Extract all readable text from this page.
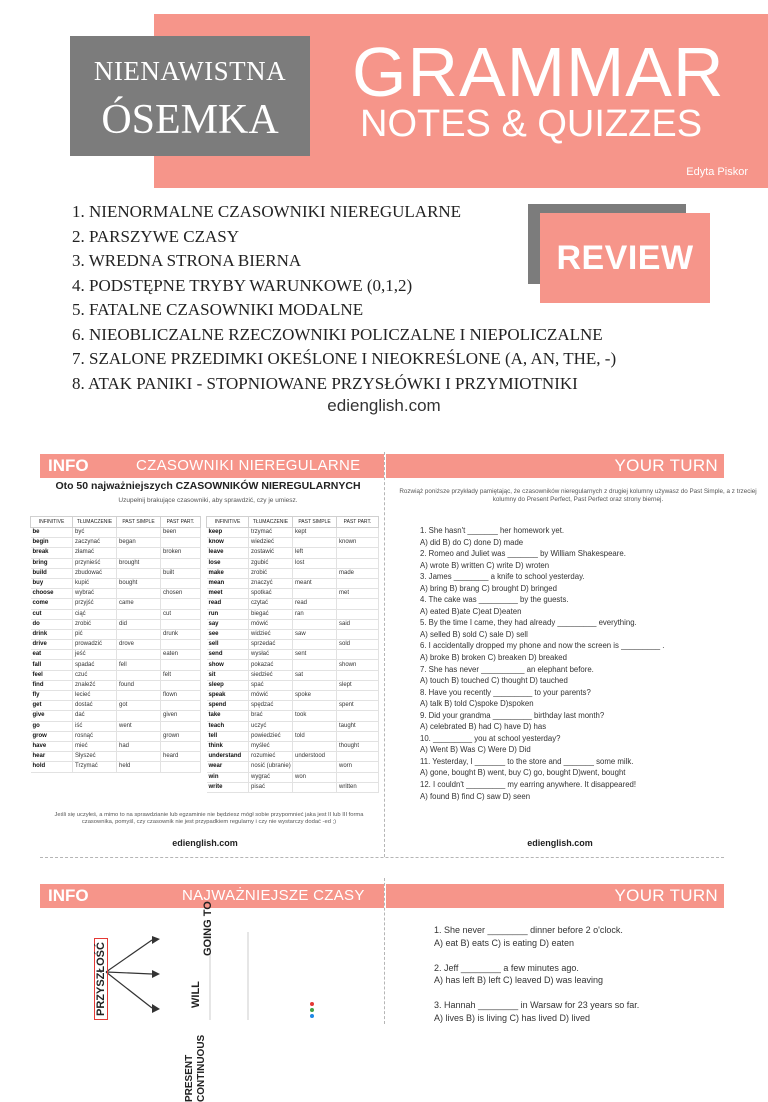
NIENAWISTNA
ÓSEMKA
GRAMMAR
NOTES & QUIZZES
Edyta Piskor
1. NIENORMALNE CZASOWNIKI NIEREGULARNE
2. PARSZYWE CZASY
3. WREDNA STRONA BIERNA
4. PODSTĘPNE TRYBY WARUNKOWE (0,1,2)
5. FATALNE CZASOWNIKI MODALNE
6. NIEOBLICZALNE RZECZOWNIKI POLICZALNE I NIEPOLICZALNE
7. SZALONE PRZEDIMKI OKEŚLONE I NIEOKREŚLONE (A, AN, THE, -)
8. ATAK PANIKI - STOPNIOWANE PRZYSŁÓWKI I PRZYMIOTNIKI
REVIEW
edienglish.com
INFO	CZASOWNIKI NIEREGULARNE
Oto 50 najważniejszych CZASOWNIKÓW NIEREGULARNYCH
Uzupełnij brakujące czasowniki, aby sprawdzić, czy je umiesz.
INFINITIVE	TŁUMACZENIE	PAST SIMPLE	PAST PART.
be	być		been
begin	zaczynać	began	
break	złamać		broken
bring	przynieść	brought	
build	zbudować		built
buy	kupić	bought	
choose	wybrać		chosen
come	przyjść	came	
cut	ciąć		cut
do	zrobić	did	
drink	pić		drunk
drive	prowadzić	drove	
eat	jeść		eaten
fall	spadać	fell	
feel	czuć		felt
find	znaleźć	found	
fly	lecieć		flown
get	dostać	got	
give	dać		given
go	iść	went	
grow	rosnąć		grown
have	mieć	had	
hear	Słyszeć		heard
hold	Trzymać	held	
INFINITIVE	TŁUMACZENIE	PAST SIMPLE	PAST PART.
keep	trzymać	kept	
know	wiedzieć		known
leave	zostawić	left	
lose	zgubić	lost	
make	zrobić		made
mean	znaczyć	meant	
meet	spotkać		met
read	czytać	read	
run	biegać	ran	
say	mówić		said
see	widzieć	saw	
sell	sprzedać		sold
send	wysłać	sent	
show	pokazać		shown
sit	siedzieć	sat	
sleep	spać		slept
speak	mówić	spoke	
spend	spędzać		spent
take	brać	took	
teach	uczyć		taught
tell	powiedzieć	told	
think	myśleć		thought
understand	rozumieć	understood	
wear	nosić (ubranie)		worn
win	wygrać	won	
write	pisać		written
Jeśli się uczyłeś, a mimo to na sprawdzianie lub egzaminie nie będziesz mógł sobie przypomnieć jaka jest II lub III forma czasownika, pomyśl, czy czasownik nie jest przypadkiem regularny i czy nie wystarczy dodać -ed ;)
edienglish.com
YOUR TURN
Rozwiąż poniższe przykłady pamiętając, że czasowników nieregularnych z drugiej kolumny używasz do Past Simple, a z trzeciej kolumny do Present Perfect, Past Perfect oraz strony biernej.
1. She hasn't _______ her homework yet.
A) did B) do C) done D) made
2. Romeo and Juliet was _______ by William Shakespeare.
A) wrote B) written C) write D) wroten
3. James ________ a knife to school yesterday.
A) bring B) brang C) brought D) bringed
4. The cake was _________ by the guests.
A) eated B)ate C)eat D)eaten
5. By the time I came, they had already _________ everything.
A) selled B) sold C) sale D) sell
6. I accidentally dropped my phone and now the screen is _________ .
A) broke B) broken C) breaken D) breaked
7. She has never __________ an elephant before.
A) touch B) touched C) thought D) tauched
8. Have you recently _________ to your parents?
A) talk B) told C)spoke D)spoken
9. Did your grandma _________ birthday last month?
A) celebrated B) had C) have D) has
10. _________ you at school yesterday?
A) Went B) Was C) Were D) Did
11. Yesterday, I _______ to the store and _______ some milk.
A) gone, bought B) went, buy C) go, bought D)went, bought
12. I couldn't _________ my earring anywhere. It disappeared!
A) found B) find C) saw D) seen
edienglish.com
INFO	NAJWAŻNIEJSZE CZASY
PRZYSZŁOŚĆ
GOING TO
WILL
PRESENT CONTINUOUS
YOUR TURN
1. She never ________ dinner before 2 o'clock.
A) eat B) eats C) is eating D) eaten
2. Jeff ________ a few minutes ago.
A) has left B) left C) leaved D) was leaving
3. Hannah ________ in Warsaw for 23 years so far.
A) lives B) is living C) has lived D) lived
